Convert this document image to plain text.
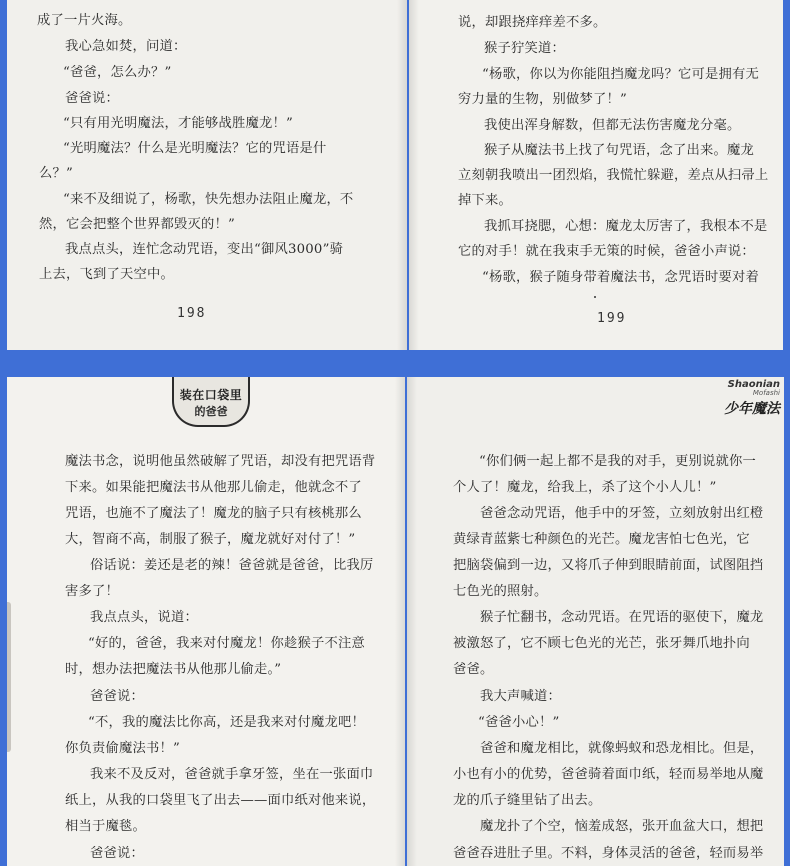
成了一片火海。
我心急如焚，问道：
“爸爸，怎么办？”
爸爸说：
“只有用光明魔法，才能够战胜魔龙！”
“光明魔法？什么是光明魔法？它的咒语是什
么？”
“来不及细说了，杨歌，快先想办法阻止魔龙，不
然，它会把整个世界都毁灭的！”
我点点头，连忙念动咒语，变出“御风3000”骑
上去，飞到了天空中。
198
说，却跟挠痒痒差不多。
猴子狞笑道：
“杨歌，你以为你能阻挡魔龙吗？它可是拥有无
穷力量的生物，别做梦了！”
我使出浑身解数，但都无法伤害魔龙分毫。
猴子从魔法书上找了句咒语，念了出来。魔龙
立刻朝我喷出一团烈焰，我慌忙躲避，差点从扫帚上
掉下来。
我抓耳挠腮，心想：魔龙太厉害了，我根本不是
它的对手！就在我束手无策的时候，爸爸小声说：
“杨歌，猴子随身带着魔法书，念咒语时要对着
199
装在口袋里
的爸爸
魔法书念，说明他虽然破解了咒语，却没有把咒语背
下来。如果能把魔法书从他那儿偷走，他就念不了
咒语，也施不了魔法了！魔龙的脑子只有核桃那么
大，智商不高，制服了猴子，魔龙就好对付了！”
俗话说：姜还是老的辣！爸爸就是爸爸，比我厉
害多了！
我点点头，说道：
“好的，爸爸，我来对付魔龙！你趁猴子不注意
时，想办法把魔法书从他那儿偷走。”
爸爸说：
“不，我的魔法比你高，还是我来对付魔龙吧！
你负责偷魔法书！”
我来不及反对，爸爸就手拿牙签，坐在一张面巾
纸上，从我的口袋里飞了出去——面巾纸对他来说，
相当于魔毯。
爸爸说：
Shaonian
Mofashi
少年魔法
“你们俩一起上都不是我的对手，更别说就你一
个人了！魔龙，给我上，杀了这个小人儿！”
爸爸念动咒语，他手中的牙签，立刻放射出红橙
黄绿青蓝紫七种颜色的光芒。魔龙害怕七色光，它
把脑袋偏到一边，又将爪子伸到眼睛前面，试图阻挡
七色光的照射。
猴子忙翻书，念动咒语。在咒语的驱使下，魔龙
被激怒了，它不顾七色光的光芒，张牙舞爪地扑向
爸爸。
我大声喊道：
“爸爸小心！”
爸爸和魔龙相比，就像蚂蚁和恐龙相比。但是，
小也有小的优势，爸爸骑着面巾纸，轻而易举地从魔
龙的爪子缝里钻了出去。
魔龙扑了个空，恼羞成怒，张开血盆大口，想把
爸爸吞进肚子里。不料，身体灵活的爸爸，轻而易举
